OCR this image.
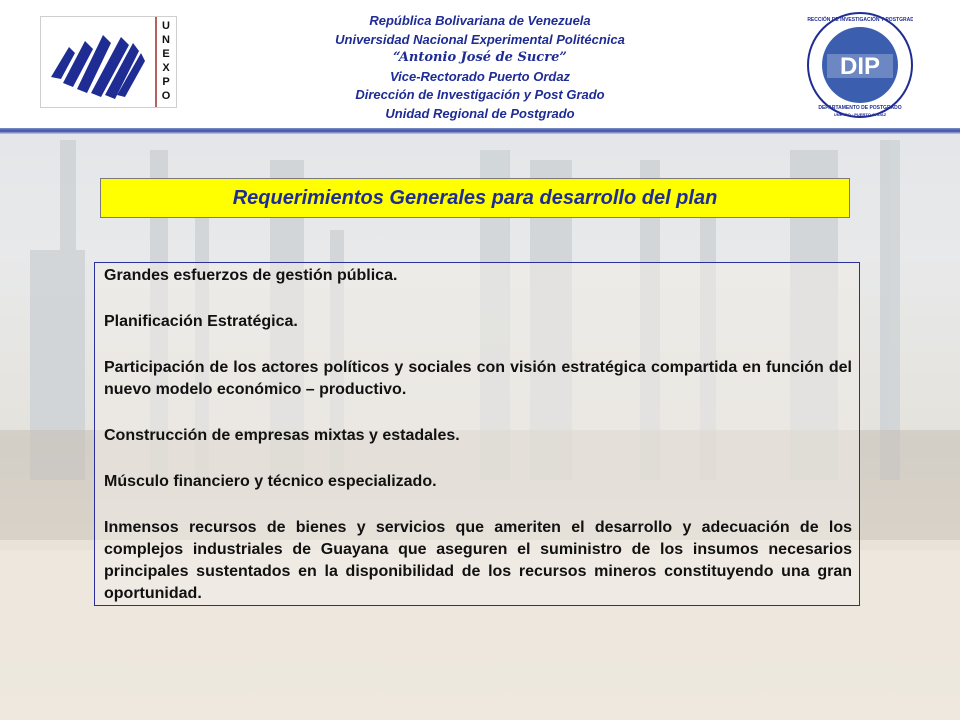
U
N
E
X
P
O
República Bolivariana de Venezuela
Universidad Nacional Experimental Politécnica
“Antonio José de Sucre”
Vice-Rectorado Puerto Ordaz
Dirección de Investigación y Post Grado
Unidad Regional de Postgrado
DIP
DIRECCIÓN DE INVESTIGACIÓN Y POSTGRADO
DEPARTAMENTO DE POSTGRADO
UNEXPO · PUERTO ORDAZ
Requerimientos Generales para desarrollo del plan

Grandes esfuerzos de gestión pública.

Planificación Estratégica.

Participación de los actores políticos y sociales con visión estratégica compartida en función del nuevo modelo económico – productivo.

Construcción de empresas mixtas y estadales.

Músculo financiero y técnico especializado.

Inmensos recursos de bienes y servicios que ameriten el desarrollo y adecuación de los complejos industriales de Guayana que aseguren el suministro de los insumos necesarios principales sustentados en la disponibilidad de los recursos mineros constituyendo una gran oportunidad.
